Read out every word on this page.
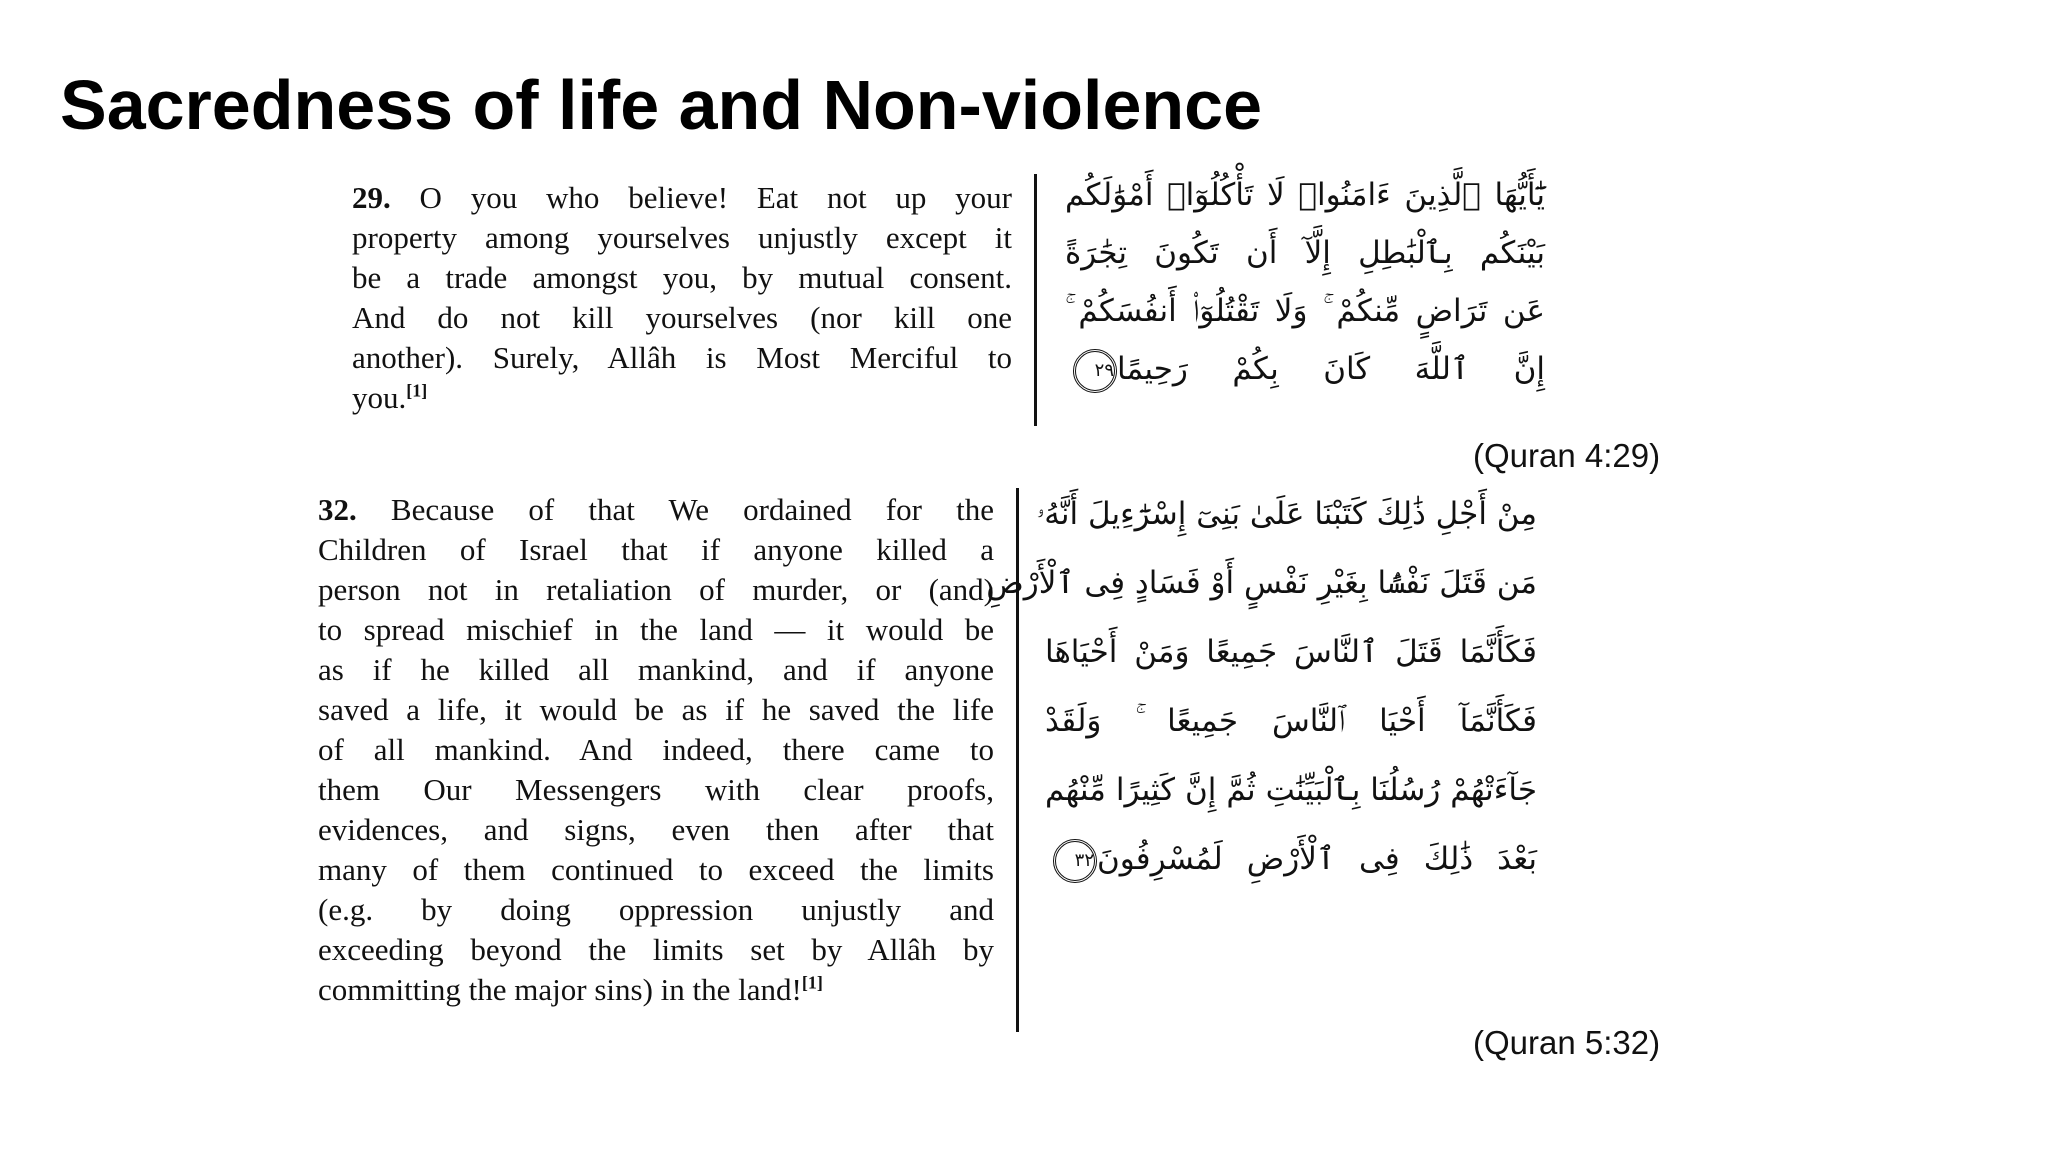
Sacredness of life and Non-violence
29. O you who believe! Eat not up your
property among yourselves unjustly except it
be a trade amongst you, by mutual consent.
And do not kill yourselves (nor kill one
another). Surely, Allâh is Most Merciful to
you.[1]
يَٰٓأَيُّهَا ٱلَّذِينَ ءَامَنُوا۟ لَا تَأْكُلُوٓا۟ أَمْوَٰلَكُم
بَيْنَكُم بِٱلْبَٰطِلِ إِلَّآ أَن تَكُونَ تِجَٰرَةً
عَن تَرَاضٍ مِّنكُمْ ۚ وَلَا تَقْتُلُوٓا۟ أَنفُسَكُمْ ۚ
إِنَّ ٱللَّهَ كَانَ بِكُمْ رَحِيمًا٢٩
(Quran 4:29)
32. Because of that We ordained for the
Children of Israel that if anyone killed a
person not in retaliation of murder, or (and)
to spread mischief in the land — it would be
as if he killed all mankind, and if anyone
saved a life, it would be as if he saved the life
of all mankind. And indeed, there came to
them Our Messengers with clear proofs,
evidences, and signs, even then after that
many of them continued to exceed the limits
(e.g. by doing oppression unjustly and
exceeding beyond the limits set by Allâh by
committing the major sins) in the land![1]
مِنْ أَجْلِ ذَٰلِكَ كَتَبْنَا عَلَىٰ بَنِىٓ إِسْرَٰٓءِيلَ أَنَّهُۥ
مَن قَتَلَ نَفْسًۢا بِغَيْرِ نَفْسٍ أَوْ فَسَادٍ فِى ٱلْأَرْضِ
فَكَأَنَّمَا قَتَلَ ٱلنَّاسَ جَمِيعًا وَمَنْ أَحْيَاهَا
فَكَأَنَّمَآ أَحْيَا ٱلنَّاسَ جَمِيعًا ۚ وَلَقَدْ
جَآءَتْهُمْ رُسُلُنَا بِٱلْبَيِّنَٰتِ ثُمَّ إِنَّ كَثِيرًا مِّنْهُم
بَعْدَ ذَٰلِكَ فِى ٱلْأَرْضِ لَمُسْرِفُونَ٣٢
(Quran 5:32)
